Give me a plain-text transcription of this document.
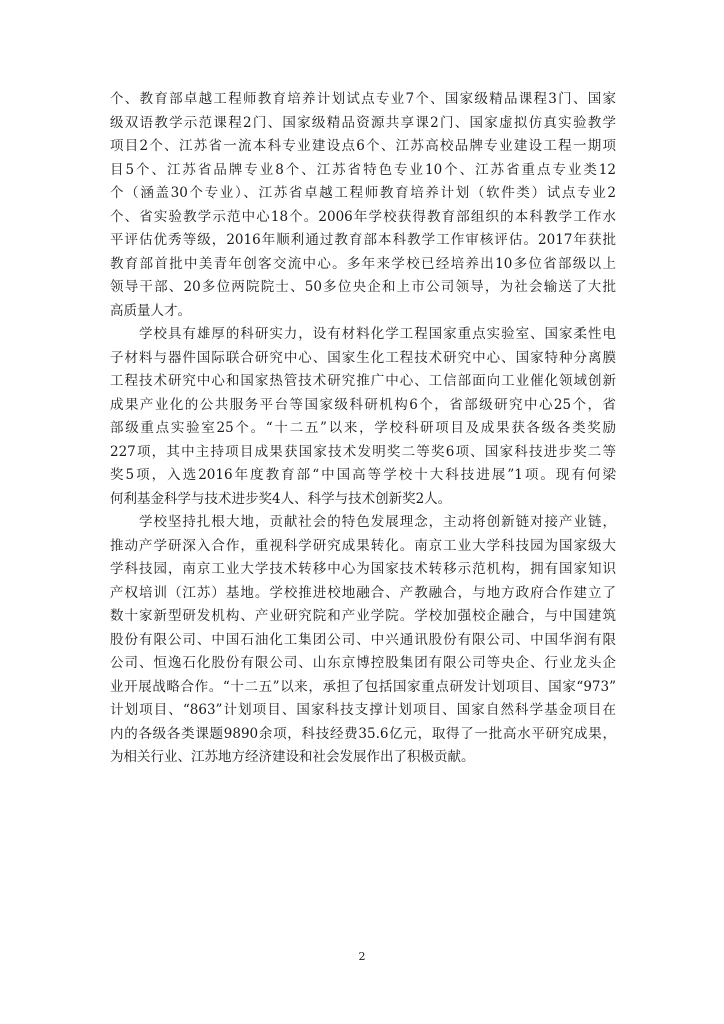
个、教育部卓越工程师教育培养计划试点专业7个、国家级精品课程3门、国家
级双语教学示范课程2门、国家级精品资源共享课2门、国家虚拟仿真实验教学
项目2个、江苏省一流本科专业建设点6个、江苏高校品牌专业建设工程一期项
目5个、江苏省品牌专业8个、江苏省特色专业10个、江苏省重点专业类12
个（涵盖30个专业）、江苏省卓越工程师教育培养计划（软件类）试点专业2
个、省实验教学示范中心18个。2006年学校获得教育部组织的本科教学工作水
平评估优秀等级，2016年顺利通过教育部本科教学工作审核评估。2017年获批
教育部首批中美青年创客交流中心。多年来学校已经培养出10多位省部级以上
领导干部、20多位两院院士、50多位央企和上市公司领导，为社会输送了大批
高质量人才。
　　学校具有雄厚的科研实力，设有材料化学工程国家重点实验室、国家柔性电
子材料与器件国际联合研究中心、国家生化工程技术研究中心、国家特种分离膜
工程技术研究中心和国家热管技术研究推广中心、工信部面向工业催化领域创新
成果产业化的公共服务平台等国家级科研机构6个，省部级研究中心25个，省
部级重点实验室25个。“十二五”以来，学校科研项目及成果获各级各类奖励
227项，其中主持项目成果获国家技术发明奖二等奖6项、国家科技进步奖二等
奖5项，入选2016年度教育部“中国高等学校十大科技进展”1项。现有何梁
何利基金科学与技术进步奖4人、科学与技术创新奖2人。
　　学校坚持扎根大地，贡献社会的特色发展理念，主动将创新链对接产业链，
推动产学研深入合作，重视科学研究成果转化。南京工业大学科技园为国家级大
学科技园，南京工业大学技术转移中心为国家技术转移示范机构，拥有国家知识
产权培训（江苏）基地。学校推进校地融合、产教融合，与地方政府合作建立了
数十家新型研发机构、产业研究院和产业学院。学校加强校企融合，与中国建筑
股份有限公司、中国石油化工集团公司、中兴通讯股份有限公司、中国华润有限
公司、恒逸石化股份有限公司、山东京博控股集团有限公司等央企、行业龙头企
业开展战略合作。“十二五”以来，承担了包括国家重点研发计划项目、国家“973”
计划项目、“863”计划项目、国家科技支撑计划项目、国家自然科学基金项目在
内的各级各类课题9890余项，科技经费35.6亿元，取得了一批高水平研究成果，
为相关行业、江苏地方经济建设和社会发展作出了积极贡献。
2
